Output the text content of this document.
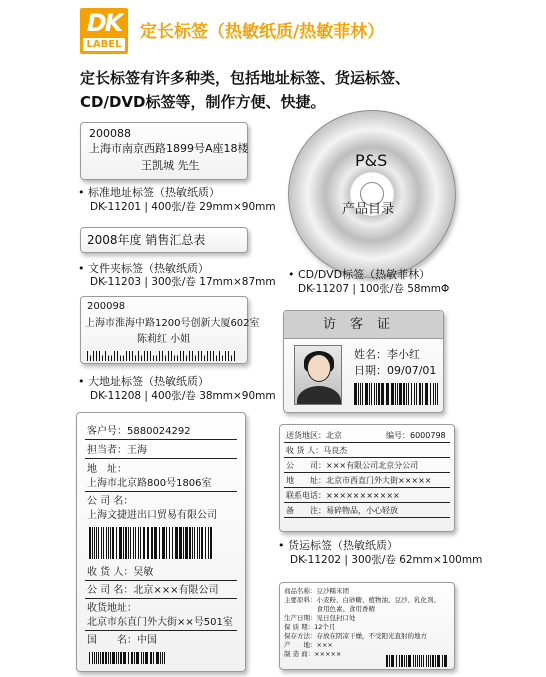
DK
LABEL
定长标签（热敏纸质/热敏菲林）
定长标签有许多种类，包括地址标签、货运标签、
CD/DVD标签等，制作方便、快捷。
200088
上海市南京西路1899号A座18楼
王凯城 先生
• 标准地址标签（热敏纸质）
DK-11201 | 400张/卷 29mm×90mm
2008年度 销售汇总表
• 文件夹标签（热敏纸质）
DK-11203 | 300张/卷 17mm×87mm
200098
上海市淮海中路1200号创新大厦602室
陈莉红 小姐
• 大地址标签（热敏纸质）
DK-11208 | 400张/卷 38mm×90mm
P&S
产品目录
• CD/DVD标签（热敏菲林）
DK-11207 | 100张/卷 58mmΦ
访客证
姓名：李小红
日期：09/07/01
客户号：5880024292
担当者：王海
地　址：
上海市北京路800号1806室
公 司 名：
上海文捷进出口贸易有限公司
收 货 人：吴敏
公 司 名：北京×××有限公司
收货地址：
北京市东直门外大街××号501室
国　　名：中国
送货地区：北京	编号：6000798
收 货 人：马良杰
公　　司：×××有限公司北京分公司
地　　址：北京市西直门外大街×××××
联系电话：×××××××××××
备　　注：易碎物品，小心轻放
• 货运标签（热敏纸质）
DK-11202 | 300张/卷 62mm×100mm
商品名称：豆沙糯米团
主要原料：小麦粉、白砂糖、植物油、豆沙、乳化剂、
　　　　　食用色素、食用香精
生产日期：见日包封口处
保 质 期：12个月
保存方法：存放在阴凉干燥，不受阳光直射的地方
产　　地：×××
制 造 商：×××××
